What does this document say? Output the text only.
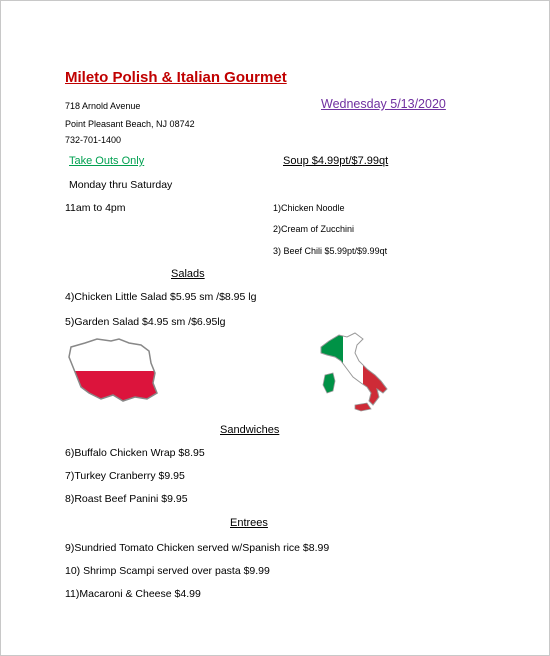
Mileto Polish & Italian Gourmet
718 Arnold Avenue
Point Pleasant Beach, NJ 08742
732-701-1400
Wednesday 5/13/2020
Take Outs Only	Soup $4.99pt/$7.99qt
Monday thru Saturday
11am to 4pm	1)Chicken Noodle
2)Cream of Zucchini
3) Beef Chili $5.99pt/$9.99qt
Salads
4)Chicken Little Salad $5.95 sm /$8.95 lg
5)Garden Salad $4.95 sm /$6.95lg
Sandwiches
6)Buffalo Chicken Wrap $8.95
7)Turkey Cranberry $9.95
8)Roast Beef Panini $9.95
Entrees
9)Sundried Tomato Chicken served w/Spanish rice $8.99
10) Shrimp Scampi served over pasta $9.99
11)Macaroni & Cheese $4.99
